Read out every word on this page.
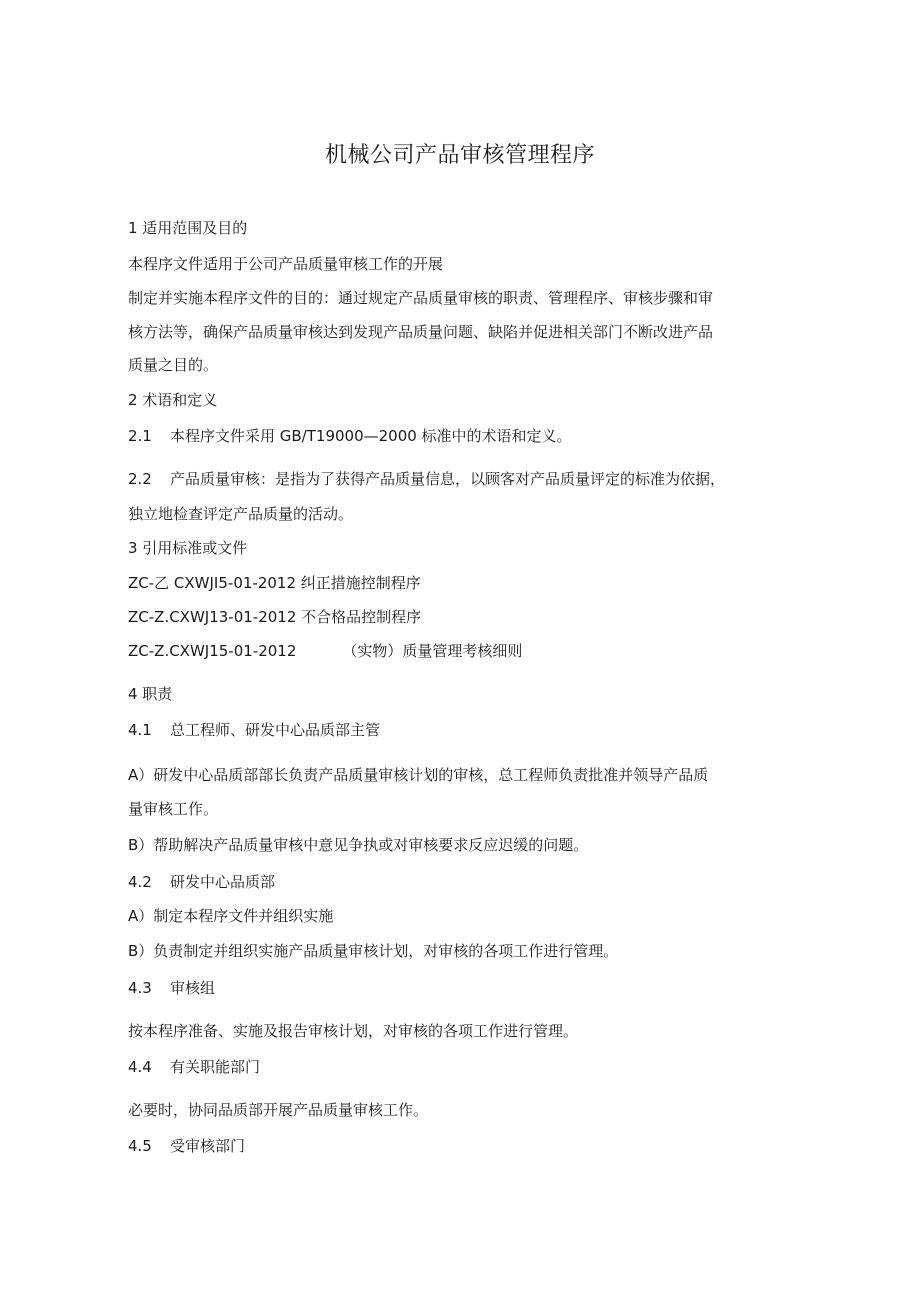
机械公司产品审核管理程序
1 适用范围及目的
本程序文件适用于公司产品质量审核工作的开展
制定并实施本程序文件的目的：通过规定产品质量审核的职责、管理程序、审核步骤和审
核方法等，确保产品质量审核达到发现产品质量问题、缺陷并促进相关部门不断改进产品
质量之目的。
2 术语和定义
2.1 本程序文件采用 GB/T19000—2000 标准中的术语和定义。
2.2 产品质量审核：是指为了获得产品质量信息，以顾客对产品质量评定的标准为依据，
独立地检查评定产品质量的活动。
3 引用标准或文件
ZC-乙 CXWJI5-01-2012 纠正措施控制程序
ZC-Z.CXWJ13-01-2012 不合格品控制程序
ZC-Z.CXWJ15-01-2012	（实物）质量管理考核细则
4 职责
4.1 总工程师、研发中心品质部主管
A）研发中心品质部部长负责产品质量审核计划的审核，总工程师负责批准并领导产品质
量审核工作。
B）帮助解决产品质量审核中意见争执或对审核要求反应迟缓的问题。
4.2 研发中心品质部
A）制定本程序文件并组织实施
B）负责制定并组织实施产品质量审核计划，对审核的各项工作进行管理。
4.3 审核组
按本程序准备、实施及报告审核计划，对审核的各项工作进行管理。
4.4 有关职能部门
必要时，协同品质部开展产品质量审核工作。
4.5 受审核部门
